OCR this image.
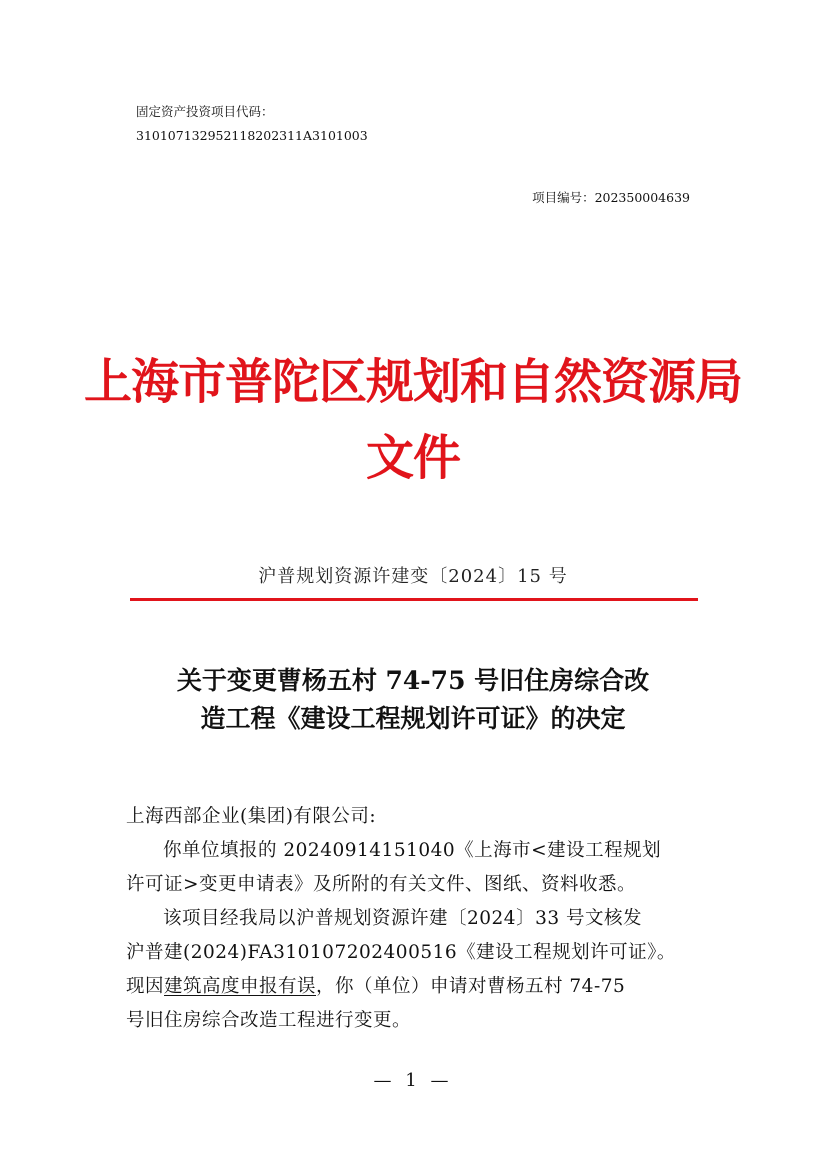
固定资产投资项目代码：
310107132952118202311A3101003
项目编号：202350004639
上海市普陀区规划和自然资源局
文件
沪普规划资源许建变〔2024〕15 号
关于变更曹杨五村 74-75 号旧住房综合改
造工程《建设工程规划许可证》的决定

上海西部企业(集团)有限公司:

你单位填报的 20240914151040《上海市<建设工程规划

许可证>变更申请表》及所附的有关文件、图纸、资料收悉。

该项目经我局以沪普规划资源许建〔2024〕33 号文核发

沪普建(2024)FA310107202400516《建设工程规划许可证》。

现因建筑高度申报有误，你（单位）申请对曹杨五村 74-75

号旧住房综合改造工程进行变更。

— 1 —
